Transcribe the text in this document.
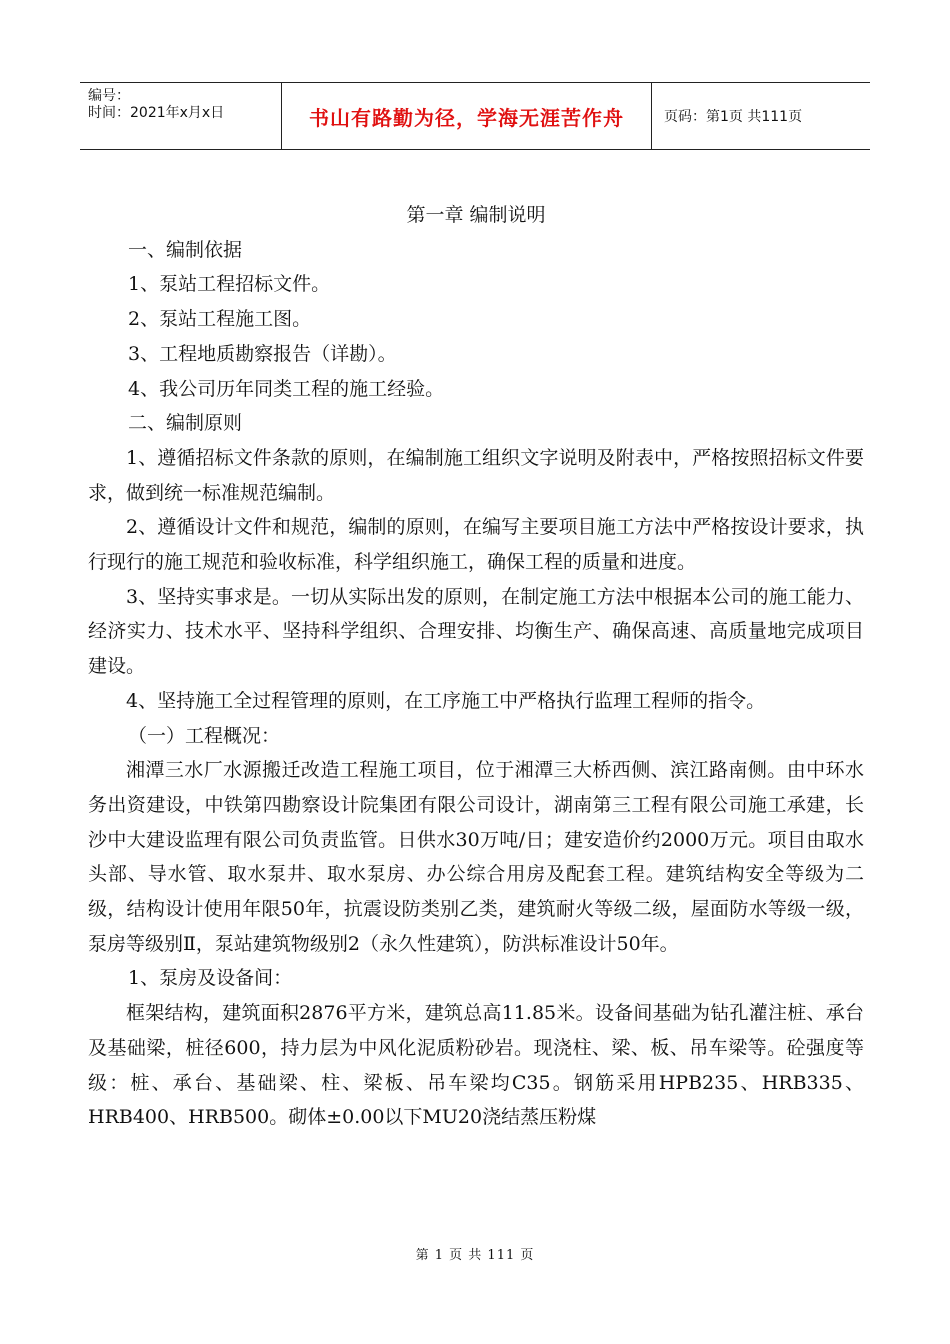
编号：
时间：2021年x月x日	书山有路勤为径，学海无涯苦作舟	页码：第1页 共111页

第一章 编制说明

一、编制依据

1、泵站工程招标文件。

2、泵站工程施工图。

3、工程地质勘察报告（详勘）。

4、我公司历年同类工程的施工经验。

二、编制原则

1、遵循招标文件条款的原则，在编制施工组织文字说明及附表中，严格按照招标文件要求，做到统一标准规范编制。

2、遵循设计文件和规范，编制的原则，在编写主要项目施工方法中严格按设计要求，执行现行的施工规范和验收标准，科学组织施工，确保工程的质量和进度。

3、坚持实事求是。一切从实际出发的原则，在制定施工方法中根据本公司的施工能力、经济实力、技术水平、坚持科学组织、合理安排、均衡生产、确保高速、高质量地完成项目建设。

4、坚持施工全过程管理的原则，在工序施工中严格执行监理工程师的指令。

（一）工程概况：

湘潭三水厂水源搬迁改造工程施工项目，位于湘潭三大桥西侧、滨江路南侧。由中环水务出资建设，中铁第四勘察设计院集团有限公司设计，湖南第三工程有限公司施工承建，长沙中大建设监理有限公司负责监管。日供水30万吨/日；建安造价约2000万元。项目由取水头部、导水管、取水泵井、取水泵房、办公综合用房及配套工程。建筑结构安全等级为二级，结构设计使用年限50年，抗震设防类别乙类，建筑耐火等级二级，屋面防水等级一级，泵房等级别Ⅱ，泵站建筑物级别2（永久性建筑），防洪标准设计50年。

1、泵房及设备间：

框架结构，建筑面积2876平方米，建筑总高11.85米。设备间基础为钻孔灌注桩、承台及基础梁，桩径600，持力层为中风化泥质粉砂岩。现浇柱、梁、板、吊车梁等。砼强度等级：桩、承台、基础梁、柱、梁板、吊车梁均C35。钢筋采用HPB235、HRB335、HRB400、HRB500。砌体±0.00以下MU20浇结蒸压粉煤

第 1 页 共 111 页
